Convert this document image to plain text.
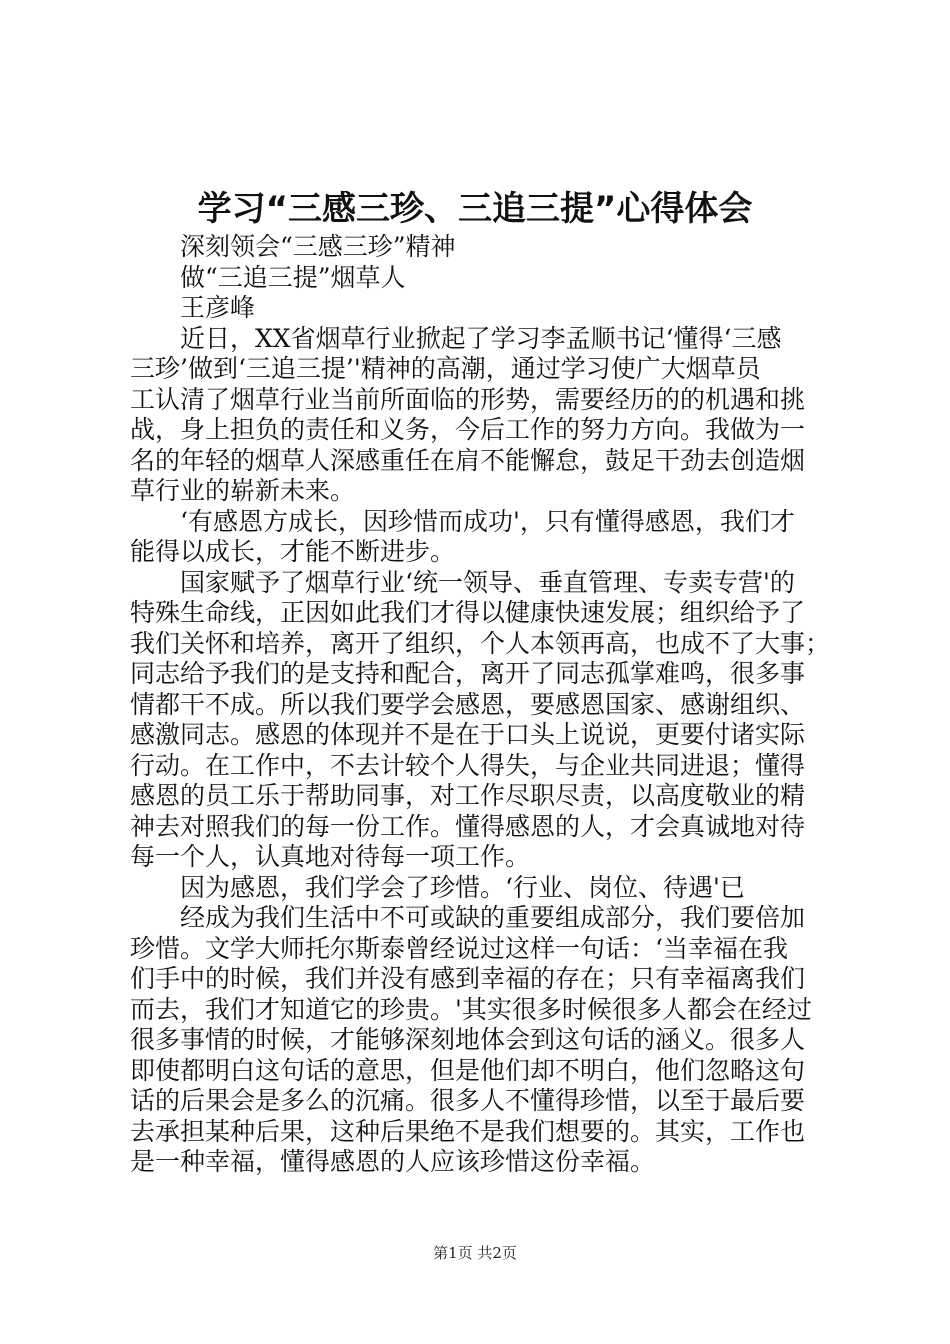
学习“三感三珍、三追三提”心得体会
深刻领会“三感三珍”精神
做“三追三提”烟草人
王彦峰
近日，XX省烟草行业掀起了学习李孟顺书记‘懂得‘三感
三珍’做到‘三追三提’'精神的高潮，通过学习使广大烟草员
工认清了烟草行业当前所面临的形势，需要经历的的机遇和挑
战，身上担负的责任和义务，今后工作的努力方向。我做为一
名的年轻的烟草人深感重任在肩不能懈怠，鼓足干劲去创造烟
草行业的崭新未来。
‘有感恩方成长，因珍惜而成功'，只有懂得感恩，我们才
能得以成长，才能不断进步。
国家赋予了烟草行业‘统一领导、垂直管理、专卖专营'的
特殊生命线，正因如此我们才得以健康快速发展；组织给予了
我们关怀和培养，离开了组织，个人本领再高，也成不了大事；
同志给予我们的是支持和配合，离开了同志孤掌难鸣，很多事
情都干不成。所以我们要学会感恩，要感恩国家、感谢组织、
感激同志。感恩的体现并不是在于口头上说说，更要付诸实际
行动。在工作中，不去计较个人得失，与企业共同进退；懂得
感恩的员工乐于帮助同事，对工作尽职尽责，以高度敬业的精
神去对照我们的每一份工作。懂得感恩的人，才会真诚地对待
每一个人，认真地对待每一项工作。
因为感恩，我们学会了珍惜。‘行业、岗位、待遇'已
经成为我们生活中不可或缺的重要组成部分，我们要倍加
珍惜。文学大师托尔斯泰曾经说过这样一句话：‘当幸福在我
们手中的时候，我们并没有感到幸福的存在；只有幸福离我们
而去，我们才知道它的珍贵。'其实很多时候很多人都会在经过
很多事情的时候，才能够深刻地体会到这句话的涵义。很多人
即使都明白这句话的意思，但是他们却不明白，他们忽略这句
话的后果会是多么的沉痛。很多人不懂得珍惜，以至于最后要
去承担某种后果，这种后果绝不是我们想要的。其实，工作也
是一种幸福，懂得感恩的人应该珍惜这份幸福。
第1页 共2页
